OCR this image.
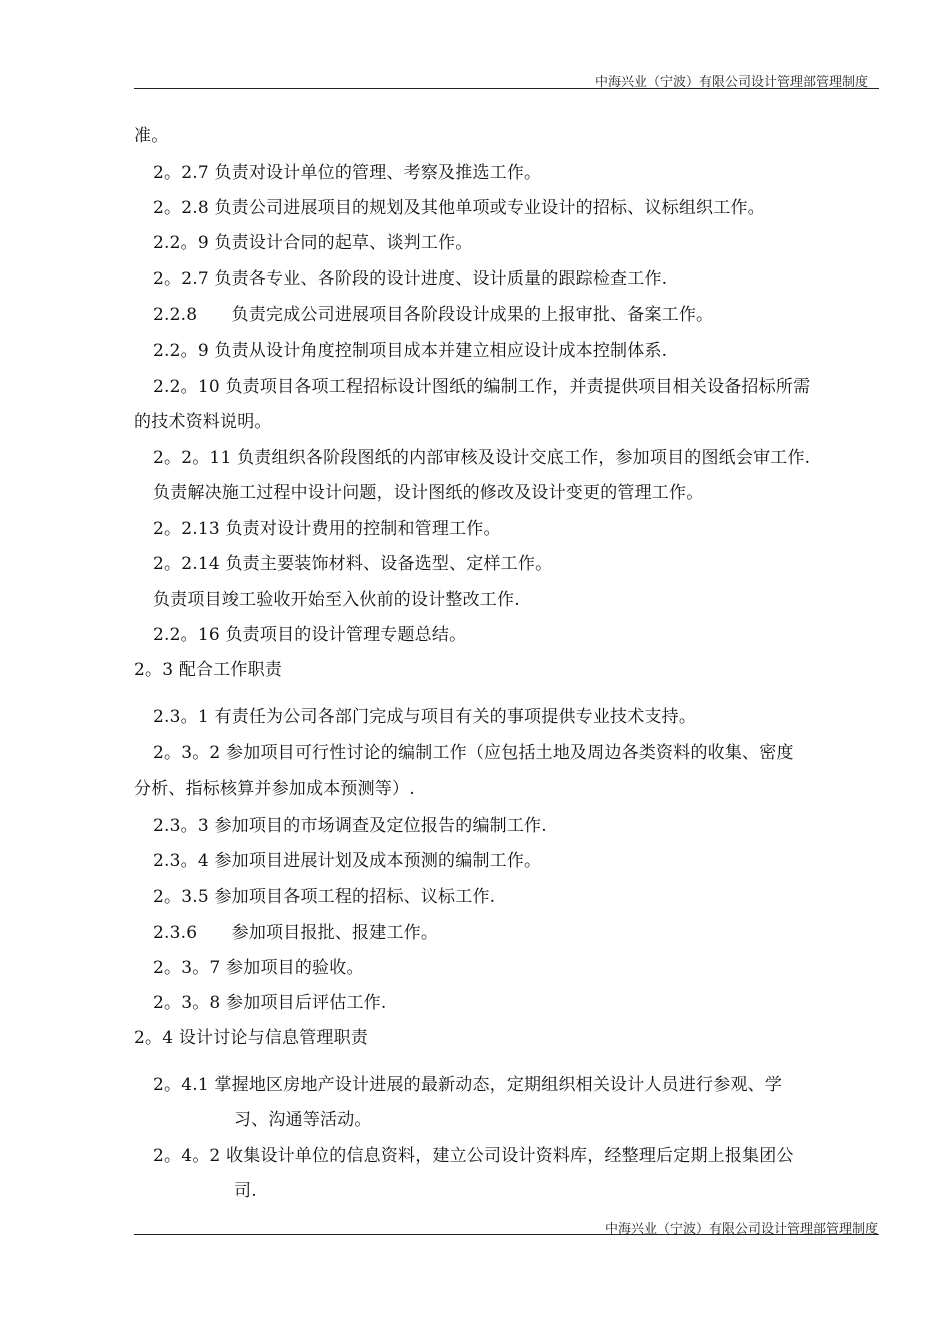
中海兴业（宁波）有限公司设计管理部管理制度
准。
2。2.7 负责对设计单位的管理、考察及推选工作。
2。2.8 负责公司进展项目的规划及其他单项或专业设计的招标、议标组织工作。
2.2。9 负责设计合同的起草、谈判工作。
2。2.7 负责各专业、各阶段的设计进度、设计质量的跟踪检查工作.
2.2.8　　负责完成公司进展项目各阶段设计成果的上报审批、备案工作。
2.2。9 负责从设计角度控制项目成本并建立相应设计成本控制体系.
2.2。10 负责项目各项工程招标设计图纸的编制工作，并责提供项目相关设备招标所需
的技术资料说明。
2。2。11 负责组织各阶段图纸的内部审核及设计交底工作，参加项目的图纸会审工作.
负责解决施工过程中设计问题，设计图纸的修改及设计变更的管理工作。
2。2.13 负责对设计费用的控制和管理工作。
2。2.14 负责主要装饰材料、设备选型、定样工作。
负责项目竣工验收开始至入伙前的设计整改工作.
2.2。16 负责项目的设计管理专题总结。
2。3 配合工作职责
2.3。1 有责任为公司各部门完成与项目有关的事项提供专业技术支持。
2。3。2 参加项目可行性讨论的编制工作（应包括土地及周边各类资料的收集、密度
分析、指标核算并参加成本预测等）.
2.3。3 参加项目的市场调查及定位报告的编制工作.
2.3。4 参加项目进展计划及成本预测的编制工作。
2。3.5 参加项目各项工程的招标、议标工作.
2.3.6　　参加项目报批、报建工作。
2。3。7 参加项目的验收。
2。3。8 参加项目后评估工作.
2。4 设计讨论与信息管理职责
2。4.1 掌握地区房地产设计进展的最新动态，定期组织相关设计人员进行参观、学
习、沟通等活动。
2。4。2 收集设计单位的信息资料，建立公司设计资料库，经整理后定期上报集团公
司.
中海兴业（宁波）有限公司设计管理部管理制度
